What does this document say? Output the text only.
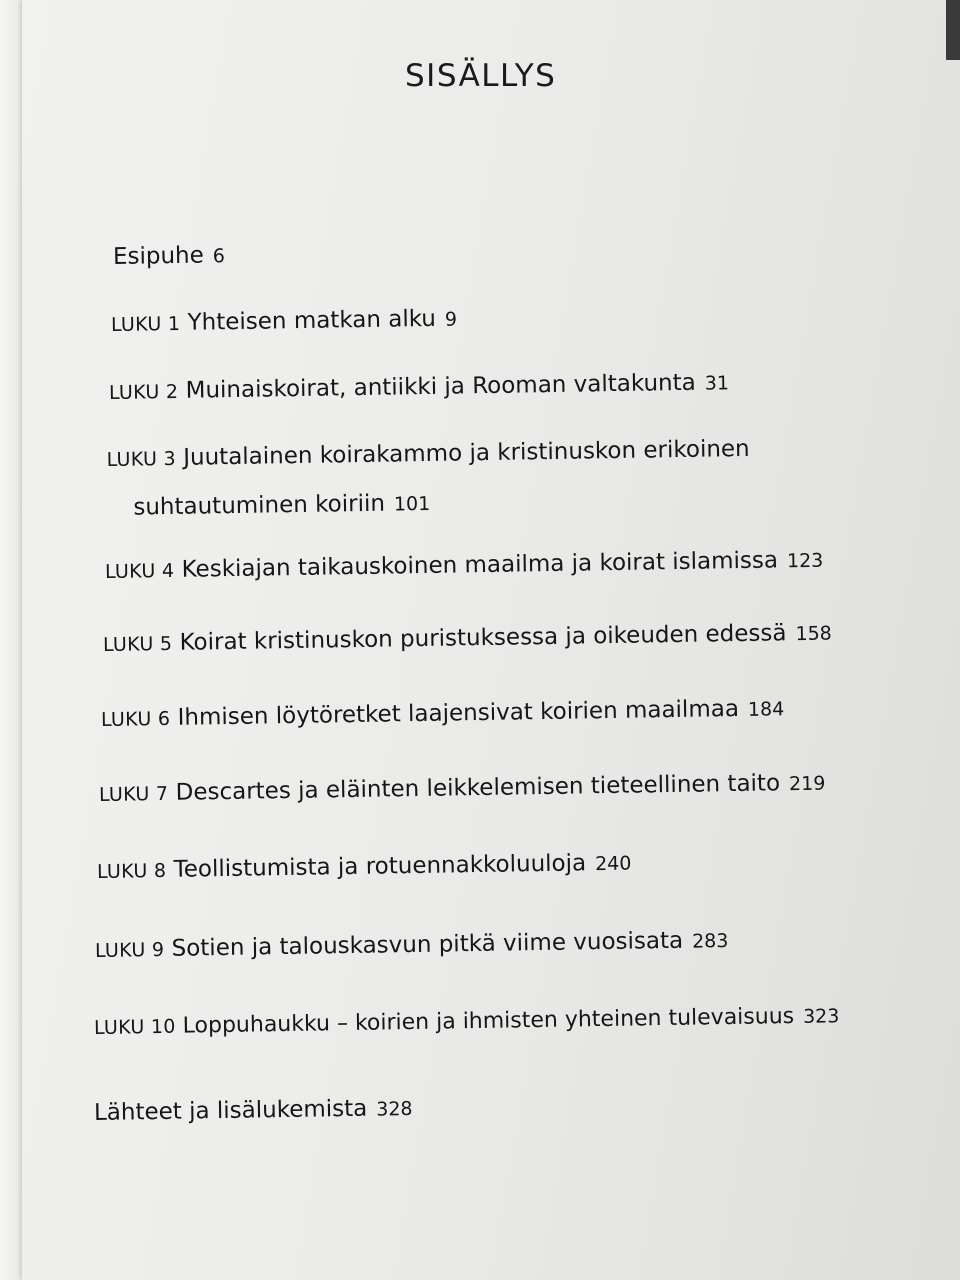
SISÄLLYS
Esipuhe 6
LUKU 1 Yhteisen matkan alku 9
LUKU 2 Muinaiskoirat, antiikki ja Rooman valtakunta 31
LUKU 3 Juutalainen koirakammo ja kristinuskon erikoinen
suhtautuminen koiriin 101
LUKU 4 Keskiajan taikauskoinen maailma ja koirat islamissa 123
LUKU 5 Koirat kristinuskon puristuksessa ja oikeuden edessä 158
LUKU 6 Ihmisen löytöretket laajensivat koirien maailmaa 184
LUKU 7 Descartes ja eläinten leikkelemisen tieteellinen taito 219
LUKU 8 Teollistumista ja rotuennakkoluuloja 240
LUKU 9 Sotien ja talouskasvun pitkä viime vuosisata 283
LUKU 10 Loppuhaukku – koirien ja ihmisten yhteinen tulevaisuus 323
Lähteet ja lisälukemista 328
